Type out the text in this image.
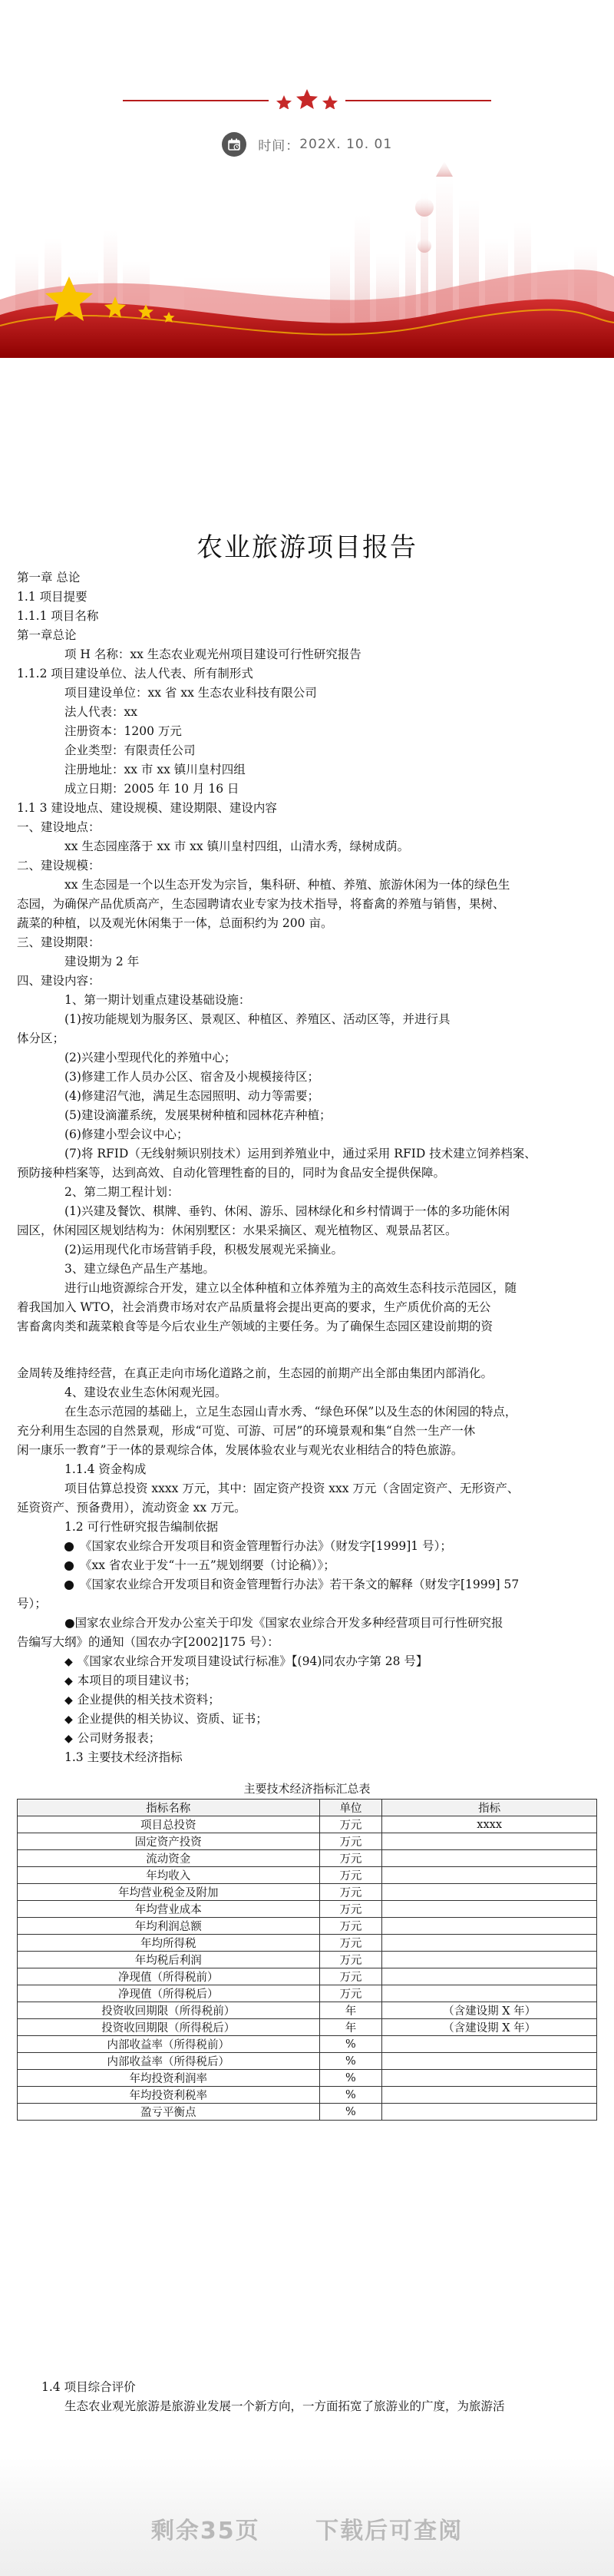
时间：202X. 10. 01
农业旅游项目报告
第一章 总论
1.1 项目提要
1.1.1 项目名称
第一章总论
项 H 名称：xx 生态农业观光州项目建设可行性研究报告
1.1.2 项目建设单位、法人代表、所有制形式
项目建设单位：xx 省 xx 生态农业科技有限公司
法人代表：xx
注册资本：1200 万元
企业类型：有限责任公司
注册地址：xx 市 xx 镇川皇村四组
成立日期：2005 年 10 月 16 日
1.1 3 建设地点、建设规模、建设期限、建设内容
一、建设地点：
xx 生态园座落于 xx 市 xx 镇川皇村四组，山清水秀，绿树成荫。
二、建设规模：
xx 生态园是一个以生态开发为宗旨，集科研、种植、养殖、旅游休闲为一体的绿色生
态园，为确保产品优质高产，生态园聘请农业专家为技术指导，将畜禽的养殖与销售，果树、
蔬菜的种植，以及观光休闲集于一体，总面积约为 200 亩。
三、建设期限：
建设期为 2 年
四、建设内容：
1、第一期计划重点建设基础设施：
(1)按功能规划为服务区、景观区、种植区、养殖区、活动区等，并进行具
体分区；
(2)兴建小型现代化的养殖中心；
(3)修建工作人员办公区、宿舍及小规模接待区；
(4)修建沼气池，满足生态园照明、动力等需要；
(5)建设滴灌系统，发展果树种植和园林花卉种植；
(6)修建小型会议中心；
(7)将 RFID（无线射频识别技术）运用到养殖业中，通过采用 RFID 技术建立饲养档案、
预防接种档案等，达到高效、自动化管理牲畜的目的，同时为食品安全提供保障。
2、第二期工程计划：
(1)兴建及餐饮、棋牌、垂钓、休闲、游乐、园林绿化和乡村情调于一体的多功能休闲
园区，休闲园区规划结构为：休闲别墅区：水果采摘区、观光植物区、观景品茗区。
(2)运用现代化市场营销手段，积极发展观光采摘业。
3、建立绿色产品生产基地。
进行山地资源综合开发，建立以全体种植和立体养殖为主的高效生态科技示范园区，随
着我国加入 WTO，社会消费市场对农产品质量将会提出更高的要求，生产质优价高的无公
害畜禽肉类和蔬菜粮食等是今后农业生产领域的主要任务。为了确保生态园区建设前期的资
金周转及维持经营，在真正走向市场化道路之前，生态园的前期产出全部由集团内部消化。
4、建设农业生态休闲观光园。
在生态示范园的基础上，立足生态园山青水秀、“绿色环保”以及生态的休闲园的特点，
充分利用生态园的自然景观，形成“可览、可游、可居”的环境景观和集“自然一生产一休
闲一康乐一教育”于一体的景观综合体，发展体验农业与观光农业相结合的特色旅游。
1.1.4 资金构成
项目估算总投资 xxxx 万元，其中：固定资产投资 xxx 万元（含固定资产、无形资产、
延资资产、预备费用），流动资金 xx 万元。
1.2 可行性研究报告编制依据
《国家农业综合开发项目和资金管理暂行办法》（财发字[1999]1 号）；
《xx 省农业于发“十一五”规划纲要（讨论稿）》；
《国家农业综合开发项目和资金管理暂行办法》若干条文的解释（财发字[1999] 57
号）；
●国家农业综合开发办公室关于印发《国家农业综合开发多种经营项目可行性研究报
告编写大纲》的通知（国农办字[2002]175 号）：
◆ 《国家农业综合开发项目建设试行标准》【(94)同农办字第 28 号】
◆ 本项目的项目建议书；
◆ 企业提供的相关技术资料；
◆ 企业提供的相关协议、资质、证书；
◆ 公司财务报表；
1.3 主要技术经济指标
主要技术经济指标汇总表
指标名称	单位	指标
项目总投资	万元	xxxx
固定资产投资	万元	
流动资金	万元	
年均收入	万元	
年均营业税金及附加	万元	
年均营业成本	万元	
年均利润总额	万元	
年均所得税	万元	
年均税后利润	万元	
净现值（所得税前）	万元	
净现值（所得税后）	万元	
投资收回期限（所得税前）	年	（含建设期 X 年）
投资收回期限（所得税后）	年	（含建设期 X 年）
内部收益率（所得税前）	%	
内部收益率（所得税后）	%	
年均投资利润率	%	
年均投资利税率	%	
盈亏平衡点	%	
1.4 项目综合评价
生态农业观光旅游是旅游业发展一个新方向，一方面拓宽了旅游业的广度，为旅游活
剩余35页 下载后可查阅
